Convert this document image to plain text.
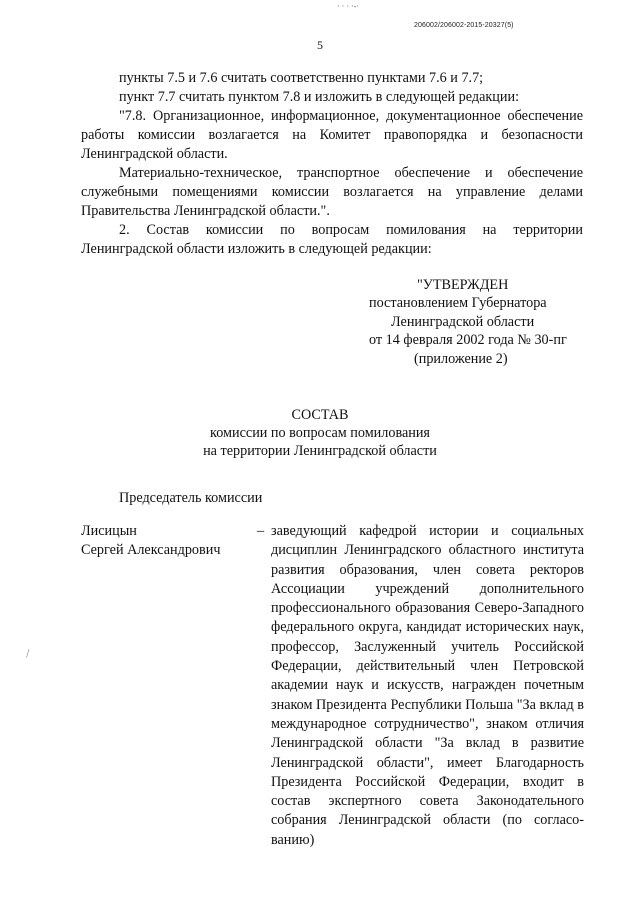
· · · ·-·
206002/206002-2015-20327(5)
5

пункты 7.5 и 7.6 считать соответственно пунктами 7.6 и 7.7;

пункт 7.7 считать пунктом 7.8 и изложить в следующей редакции:

"7.8. Организационное, информационное, документационное обеспечение работы комиссии возлагается на Комитет правопорядка и безопасности Ленинградской области.

Материально-техническое, транспортное обеспечение и обеспечение служебными помещениями комиссии возлагается на управление делами Правительства Ленинградской области.".

2. Состав комиссии по вопросам помилования на территории Ленинградской области изложить в следующей редакции:

"УТВЕРЖДЕН
постановлением Губернатора
Ленинградской области
от 14 февраля 2002 года № 30-пг
(приложение 2)
СОСТАВ
комиссии по вопросам помилования
на территории Ленинградской области
Председатель комиссии
Лисицын
Сергей Александрович
– заведующий кафедрой истории и социальных дисциплин Ленинградского областного института развития образования, член совета ректоров Ассоциации учреждений дополнительного профессионального образования Северо-Западного федерального округа, кандидат исторических наук, профессор, Заслуженный учитель Российской Федерации, действительный член Петровской академии наук и искусств, награжден почетным знаком Президента Республики Польша "За вклад в международное сотрудничество", знаком отличия Ленинградской области "За вклад в развитие Ленинградской области", имеет Благодарность Президента Российской Федерации, входит в состав экспертного совета Законодательного собрания Ленинградской области (по согласо-ванию)
⁄
